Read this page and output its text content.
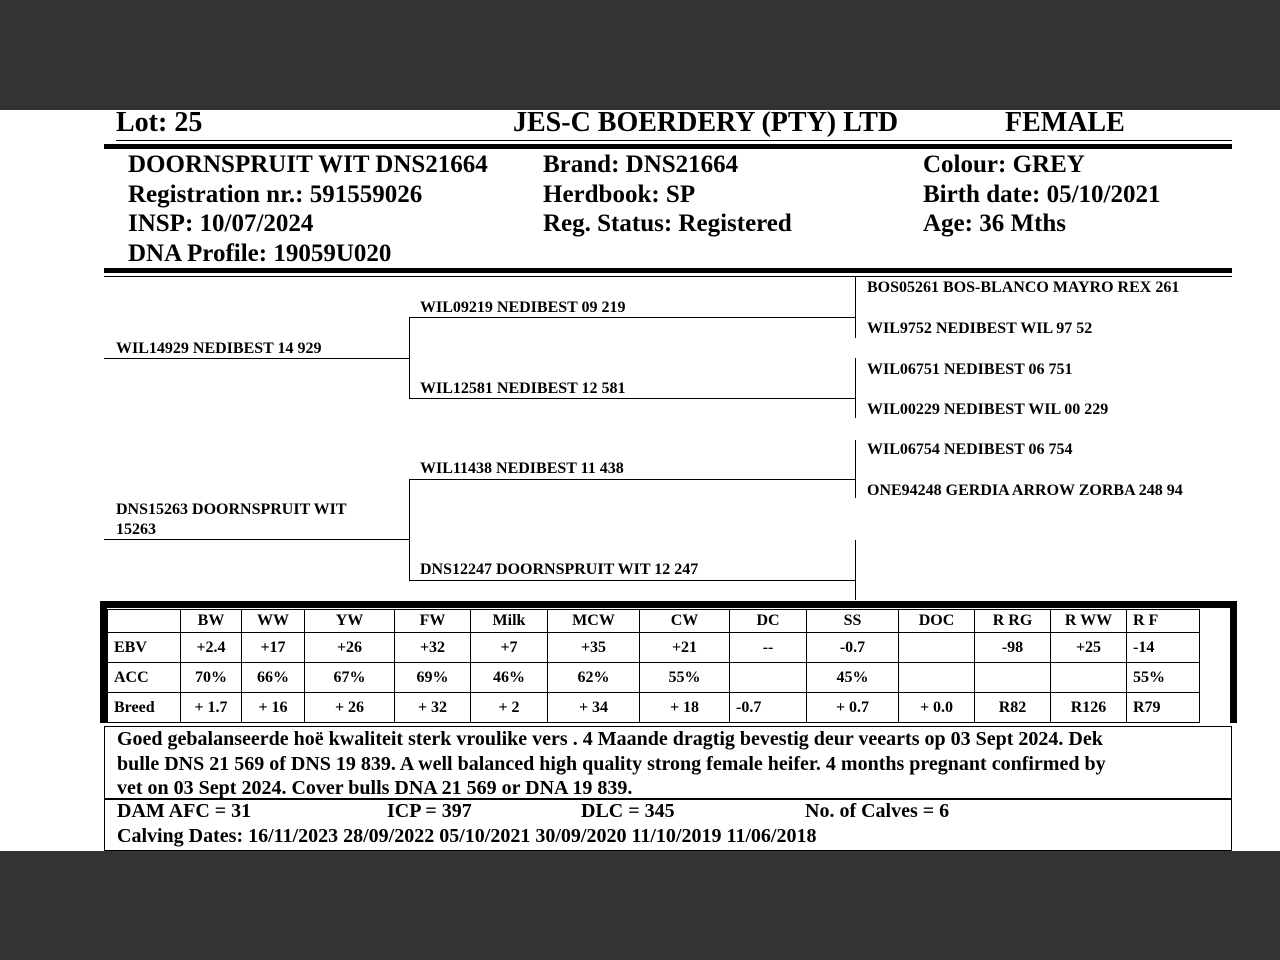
Lot: 25	JES-C BOERDERY (PTY) LTD	FEMALE
DOORNSPRUIT WIT DNS21664
Registration nr.: 591559026
INSP: 10/07/2024
DNA Profile: 19059U020
Brand: DNS21664
Herdbook: SP
Reg. Status: Registered
Colour: GREY
Birth date: 05/10/2021
Age: 36 Mths
WIL14929 NEDIBEST 14 929
DNS15263 DOORNSPRUIT WIT
15263
WIL09219 NEDIBEST 09 219
WIL12581 NEDIBEST 12 581
WIL11438 NEDIBEST 11 438
DNS12247 DOORNSPRUIT WIT 12 247
BOS05261 BOS-BLANCO MAYRO REX 261
WIL9752 NEDIBEST WIL 97 52
WIL06751 NEDIBEST 06 751
WIL00229 NEDIBEST WIL 00 229
WIL06754 NEDIBEST 06 754
ONE94248 GERDIA ARROW ZORBA 248 94
	BW	WW	YW	FW	Milk	MCW	CW	DC	SS	DOC	R RG	R WW	R F
EBV	+2.4	+17	+26	+32	+7	+35	+21	--	-0.7		-98	+25	-14
ACC	70%	66%	67%	69%	46%	62%	55%		45%				55%
Breed	+ 1.7	+ 16	+ 26	+ 32	+ 2	+ 34	+ 18	-0.7	+ 0.7	+ 0.0	R82	R126	R79
Goed gebalanseerde hoë kwaliteit sterk vroulike vers . 4 Maande dragtig bevestig deur veearts op 03 Sept 2024. Dek
bulle DNS 21 569 of DNS 19 839. A well balanced high quality strong female heifer. 4 months pregnant confirmed by
vet on 03 Sept 2024. Cover bulls DNA 21 569 or DNA 19 839.
DAM AFC = 31	ICP = 397	DLC = 345	No. of Calves = 6
Calving Dates: 16/11/2023 28/09/2022 05/10/2021 30/09/2020 11/10/2019 11/06/2018
